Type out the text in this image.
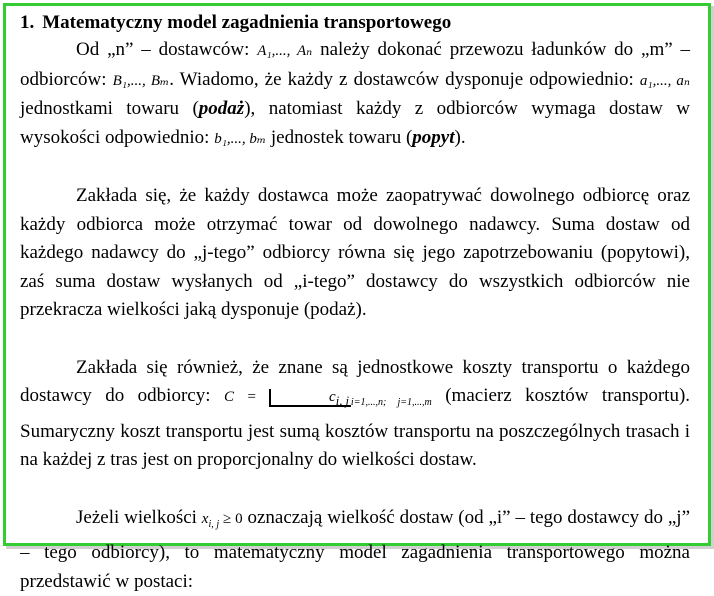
1. Matematyczny model zagadnienia transportowego

Od „n” – dostawców: A₁,..., Aₙ należy dokonać przewozu ładunków do „m” – odbiorców: B₁,..., Bₘ. Wiadomo, że każdy z dostawców dysponuje odpowiednio: a₁,..., aₙ jednostkami towaru (podaż), natomiast każdy z odbiorców wymaga dostaw w wysokości odpowiednio: b₁,..., bₘ jednostek towaru (popyt).

Zakłada się, że każdy dostawca może zaopatrywać dowolnego odbiorcę oraz każdy odbiorca może otrzymać towar od dowolnego nadawcy. Suma dostaw od każdego nadawcy do „j-tego” odbiorcy równa się jego zapotrzebowaniu (popytowi), zaś suma dostaw wysłanych od „i-tego” dostawcy do wszystkich odbiorców nie przekracza wielkości jaką dysponuje (podaż).

Zakłada się również, że znane są jednostkowe koszty transportu o każdego dostawcy do odbiorcy: C =	$c_{i, j}$ $_{i=1,...,n; j=1,...,m}$ (macierz kosztów transportu). Sumaryczny koszt transportu jest sumą kosztów transportu na poszczególnych trasach i na każdej z tras jest on proporcjonalny do wielkości dostaw.

Jeżeli wielkości $x_{i, j} \ge 0$ oznaczają wielkość dostaw (od „i” – tego dostawcy do „j” – tego odbiorcy), to matematyczny model zagadnienia transportowego można przedstawić w postaci:
